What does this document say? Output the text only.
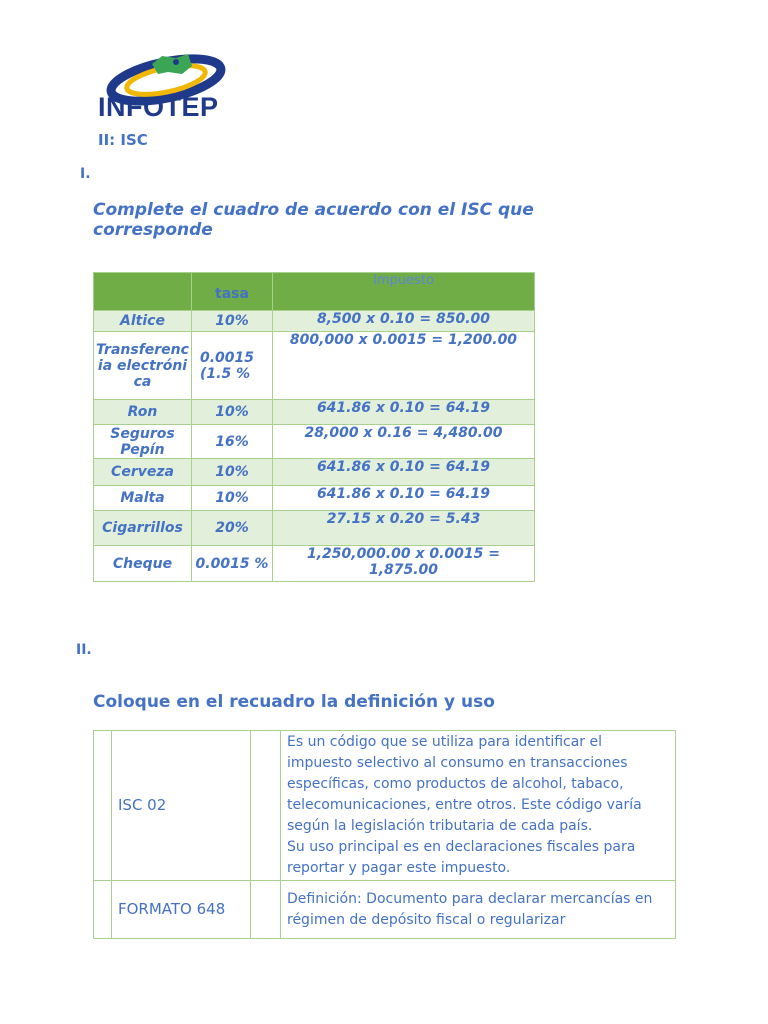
INFOTEP
II: ISC
I.
Complete el cuadro de acuerdo con el ISC que corresponde
	tasa	Impuesto
Altice	10%	8,500 x 0.10 = 850.00
Transferencia electrónica	0.0015 (1.5 %	800,000 x 0.0015 = 1,200.00
Ron	10%	641.86 x 0.10 = 64.19
Seguros Pepín	16%	28,000 x 0.16 = 4,480.00
Cerveza	10%	641.86 x 0.10 = 64.19
Malta	10%	641.86 x 0.10 = 64.19
Cigarrillos	20%	27.15 x 0.20 = 5.43
Cheque	0.0015 %	1,250,000.00 x 0.0015 = 1,875.00
II.
Coloque en el recuadro la definición y uso
	ISC 02		Es un código que se utiliza para identificar el impuesto selectivo al consumo en transacciones específicas, como productos de alcohol, tabaco, telecomunicaciones, entre otros. Este código varía según la legislación tributaria de cada país.
Su uso principal es en declaraciones fiscales para reportar y pagar este impuesto.
	FORMATO 648		Definición: Documento para declarar mercancías en régimen de depósito fiscal o regularizar
